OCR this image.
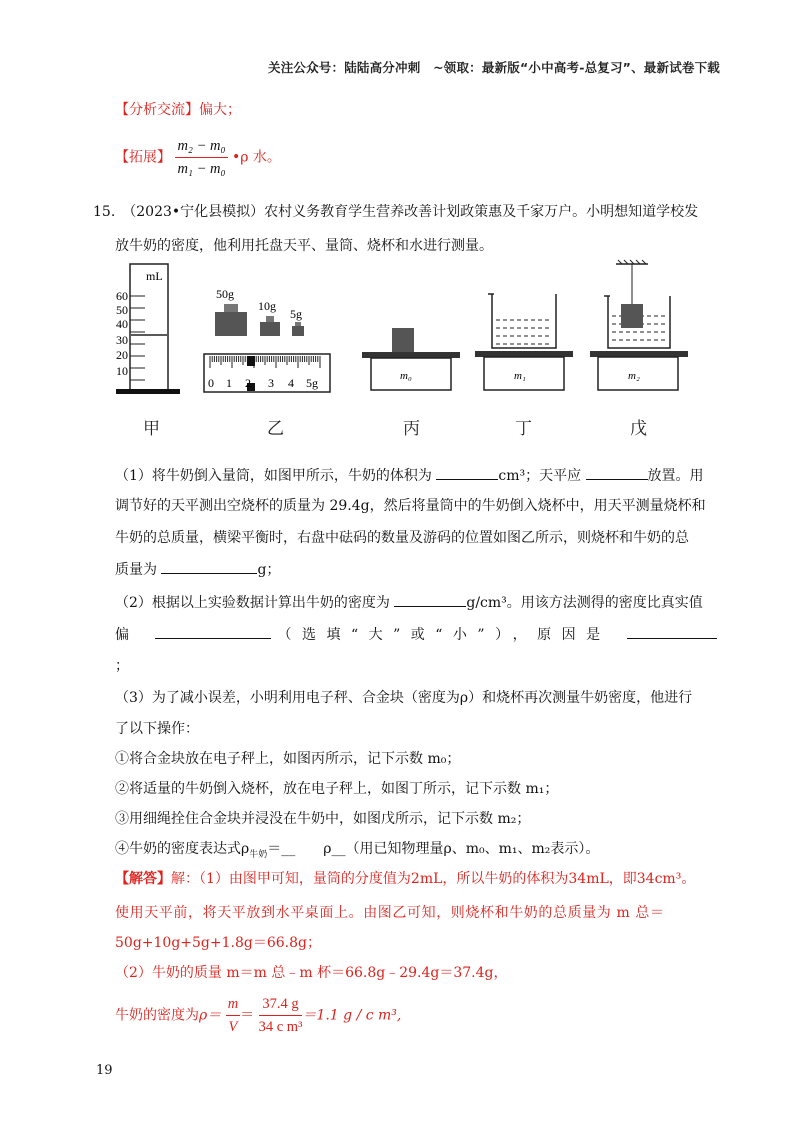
关注公众号：陆陆高分冲刺　~领取：最新版“小中高考-总复习”、最新试卷下载
【分析交流】偏大；
【拓展】 $\frac{\text{m₂ − m₀}}{\text{m₁ − m₀}}$ •ρ 水。
15.　（2023•宁化县模拟）农村义务教育学生营养改善计划政策惠及千家万户。小明想知道学校发
放牛奶的密度，他利用托盘天平、量筒、烧杯和水进行测量。
mL
60
50
40
30
20
10
50g
10g
5g
0 1 2 3 4 5g	m₀	m₁	m₂
甲	乙	丙	丁	戊
（1）将牛奶倒入量筒，如图甲所示，牛奶的体积为	cm³；天平应	放置。用
调节好的天平测出空烧杯的质量为 29.4g，然后将量筒中的牛奶倒入烧杯中，用天平测量烧杯和
牛奶的总质量，横梁平衡时，右盘中砝码的数量及游码的位置如图乙所示，则烧杯和牛奶的总
质量为	g；
（2）根据以上实验数据计算出牛奶的密度为	g/cm³。用该方法测得的密度比真实值
偏	（选填“大”或“小”），原因是
；
（3）为了减小误差，小明利用电子秤、合金块（密度为ρ）和烧杯再次测量牛奶密度，他进行
了以下操作：
①将合金块放在电子秤上，如图丙所示，记下示数 m₀；
②将适量的牛奶倒入烧杯，放在电子秤上，如图丁所示，记下示数 m₁；
③用细绳拴住合金块并浸没在牛奶中，如图戊所示，记下示数 m₂；
④牛奶的密度表达式$\rho_{牛奶}=\_\_$　　ρ__（用已知物理量ρ、m₀、m₁、m₂表示）。
【解答】解：（1）由图甲可知，量筒的分度值为2mL，所以牛奶的体积为34mL，即34cm³。
使用天平前，将天平放到水平桌面上。由图乙可知，则烧杯和牛奶的总质量为 m 总＝
50g+10g+5g+1.8g＝66.8g；
（2）牛奶的质量 m＝m 总﹣m 杯＝66.8g﹣29.4g＝37.4g，
牛奶的密度为$\rho= \frac{m}{V} = \frac{37.4 g}{\text{34 c m³}} =1.1$ g / c m³,
19
